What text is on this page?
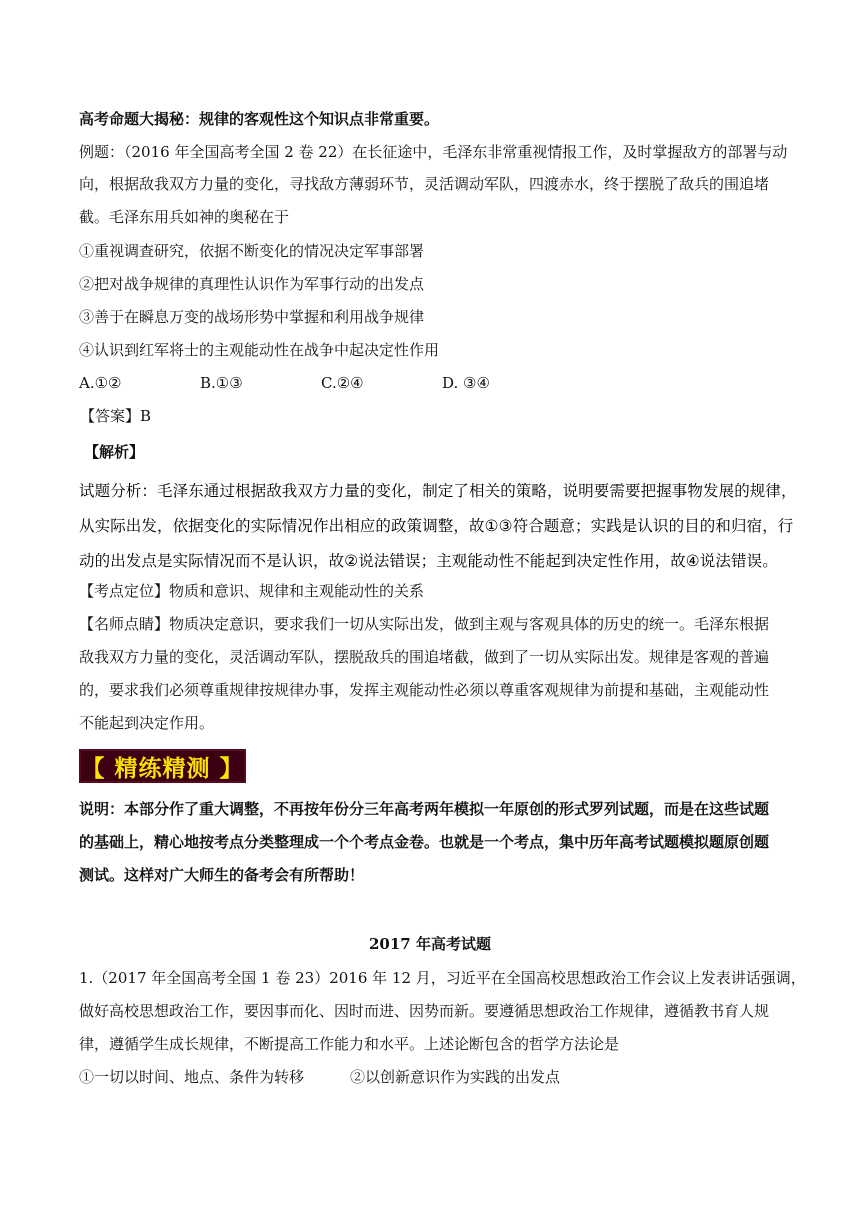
高考命题大揭秘：规律的客观性这个知识点非常重要。
例题：（2016 年全国高考全国 2 卷 22）在长征途中，毛泽东非常重视情报工作，及时掌握敌方的部署与动
向，根据敌我双方力量的变化，寻找敌方薄弱环节，灵活调动军队，四渡赤水，终于摆脱了敌兵的围追堵
截。毛泽东用兵如神的奥秘在于
①重视调查研究，依据不断变化的情况决定军事部署
②把对战争规律的真理性认识作为军事行动的出发点
③善于在瞬息万变的战场形势中掌握和利用战争规律
④认识到红军将士的主观能动性在战争中起决定性作用
A.①②	B.①③	C.②④	D. ③④
【答案】B
【解析】
试题分析：毛泽东通过根据敌我双方力量的变化，制定了相关的策略，说明要需要把握事物发展的规律，
从实际出发，依据变化的实际情况作出相应的政策调整，故①③符合题意；实践是认识的目的和归宿，行
动的出发点是实际情况而不是认识，故②说法错误；主观能动性不能起到决定性作用，故④说法错误。
【考点定位】物质和意识、规律和主观能动性的关系
【名师点睛】物质决定意识，要求我们一切从实际出发，做到主观与客观具体的历史的统一。毛泽东根据
敌我双方力量的变化，灵活调动军队，摆脱敌兵的围追堵截，做到了一切从实际出发。规律是客观的普遍
的，要求我们必须尊重规律按规律办事，发挥主观能动性必须以尊重客观规律为前提和基础，主观能动性
不能起到决定作用。
【 精练精测 】
说明：本部分作了重大调整，不再按年份分三年高考两年模拟一年原创的形式罗列试题，而是在这些试题
的基础上，精心地按考点分类整理成一个个考点金卷。也就是一个考点，集中历年高考试题模拟题原创题
测试。这样对广大师生的备考会有所帮助！
2017 年高考试题
1.（2017 年全国高考全国 1 卷 23）2016 年 12 月，习近平在全国高校思想政治工作会议上发表讲话强调，
做好高校思想政治工作，要因事而化、因时而进、因势而新。要遵循思想政治工作规律，遵循教书育人规
律，遵循学生成长规律，不断提高工作能力和水平。上述论断包含的哲学方法论是
①一切以时间、地点、条件为转移	②以创新意识作为实践的出发点
